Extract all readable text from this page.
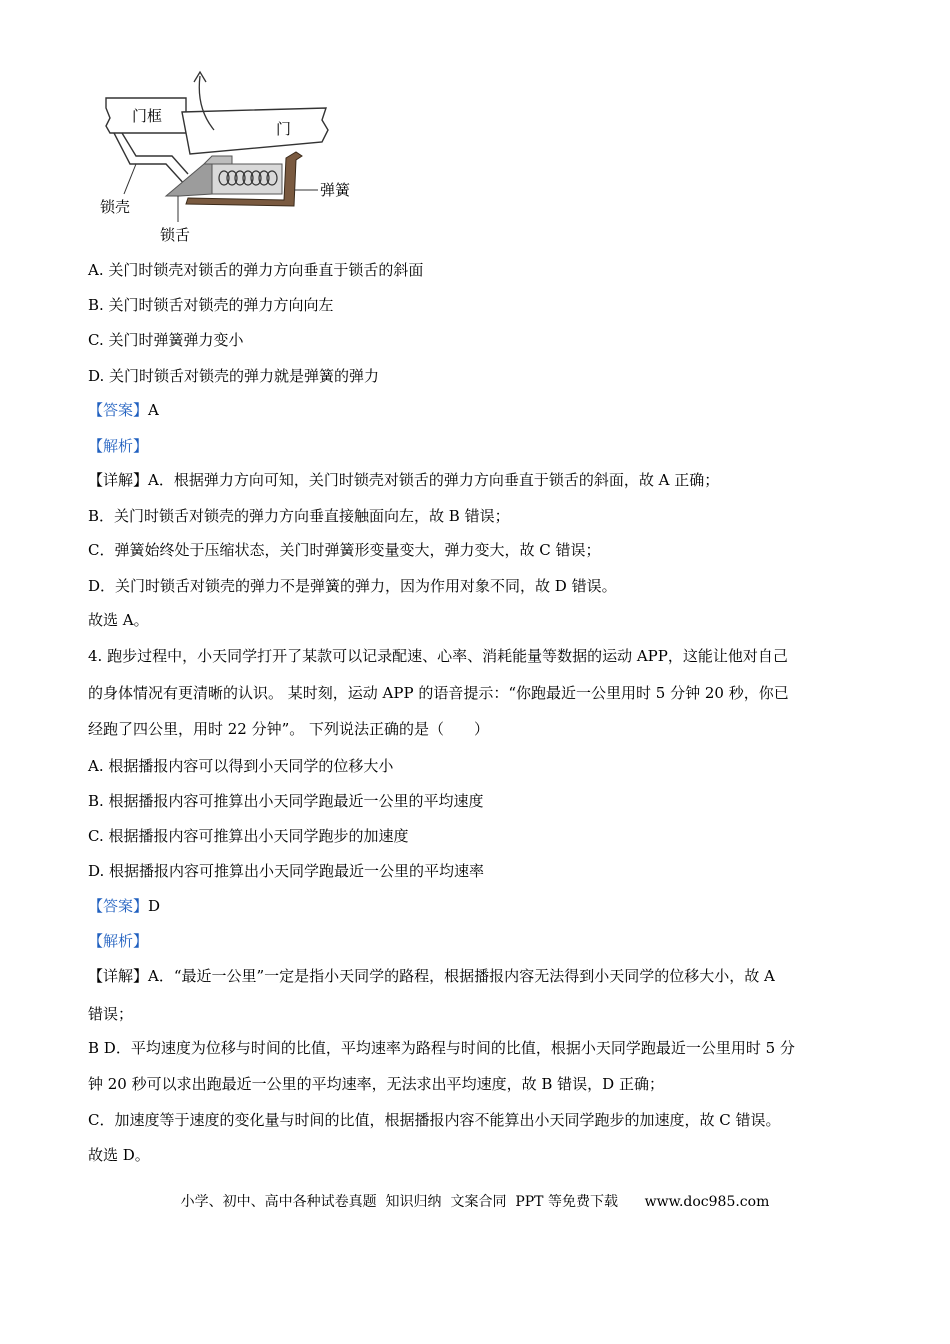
门框
门
弹簧
锁壳
锁舌
A. 关门时锁壳对锁舌的弹力方向垂直于锁舌的斜面
B. 关门时锁舌对锁壳的弹力方向向左
C. 关门时弹簧弹力变小
D. 关门时锁舌对锁壳的弹力就是弹簧的弹力
【答案】A
【解析】
【详解】A．根据弹力方向可知，关门时锁壳对锁舌的弹力方向垂直于锁舌的斜面，故 A 正确；
B．关门时锁舌对锁壳的弹力方向垂直接触面向左，故 B 错误；
C．弹簧始终处于压缩状态，关门时弹簧形变量变大，弹力变大，故 C 错误；
D．关门时锁舌对锁壳的弹力不是弹簧的弹力，因为作用对象不同，故 D 错误。
故选 A。
4. 跑步过程中，小天同学打开了某款可以记录配速、心率、消耗能量等数据的运动 APP，这能让他对自己
的身体情况有更清晰的认识。 某时刻，运动 APP 的语音提示：“你跑最近一公里用时 5 分钟 20 秒，你已
经跑了四公里，用时 22 分钟”。 下列说法正确的是（　　）
A. 根据播报内容可以得到小天同学的位移大小
B. 根据播报内容可推算出小天同学跑最近一公里的平均速度
C. 根据播报内容可推算出小天同学跑步的加速度
D. 根据播报内容可推算出小天同学跑最近一公里的平均速率
【答案】D
【解析】
【详解】A．“最近一公里”一定是指小天同学的路程，根据播报内容无法得到小天同学的位移大小，故 A
错误；
B D．平均速度为位移与时间的比值，平均速率为路程与时间的比值，根据小天同学跑最近一公里用时 5 分
钟 20 秒可以求出跑最近一公里的平均速率，无法求出平均速度，故 B 错误，D 正确；
C．加速度等于速度的变化量与时间的比值，根据播报内容不能算出小天同学跑步的加速度，故 C 错误。
故选 D。
小学、初中、高中各种试卷真题  知识归纳  文案合同  PPT 等免费下载      www.doc985.com
